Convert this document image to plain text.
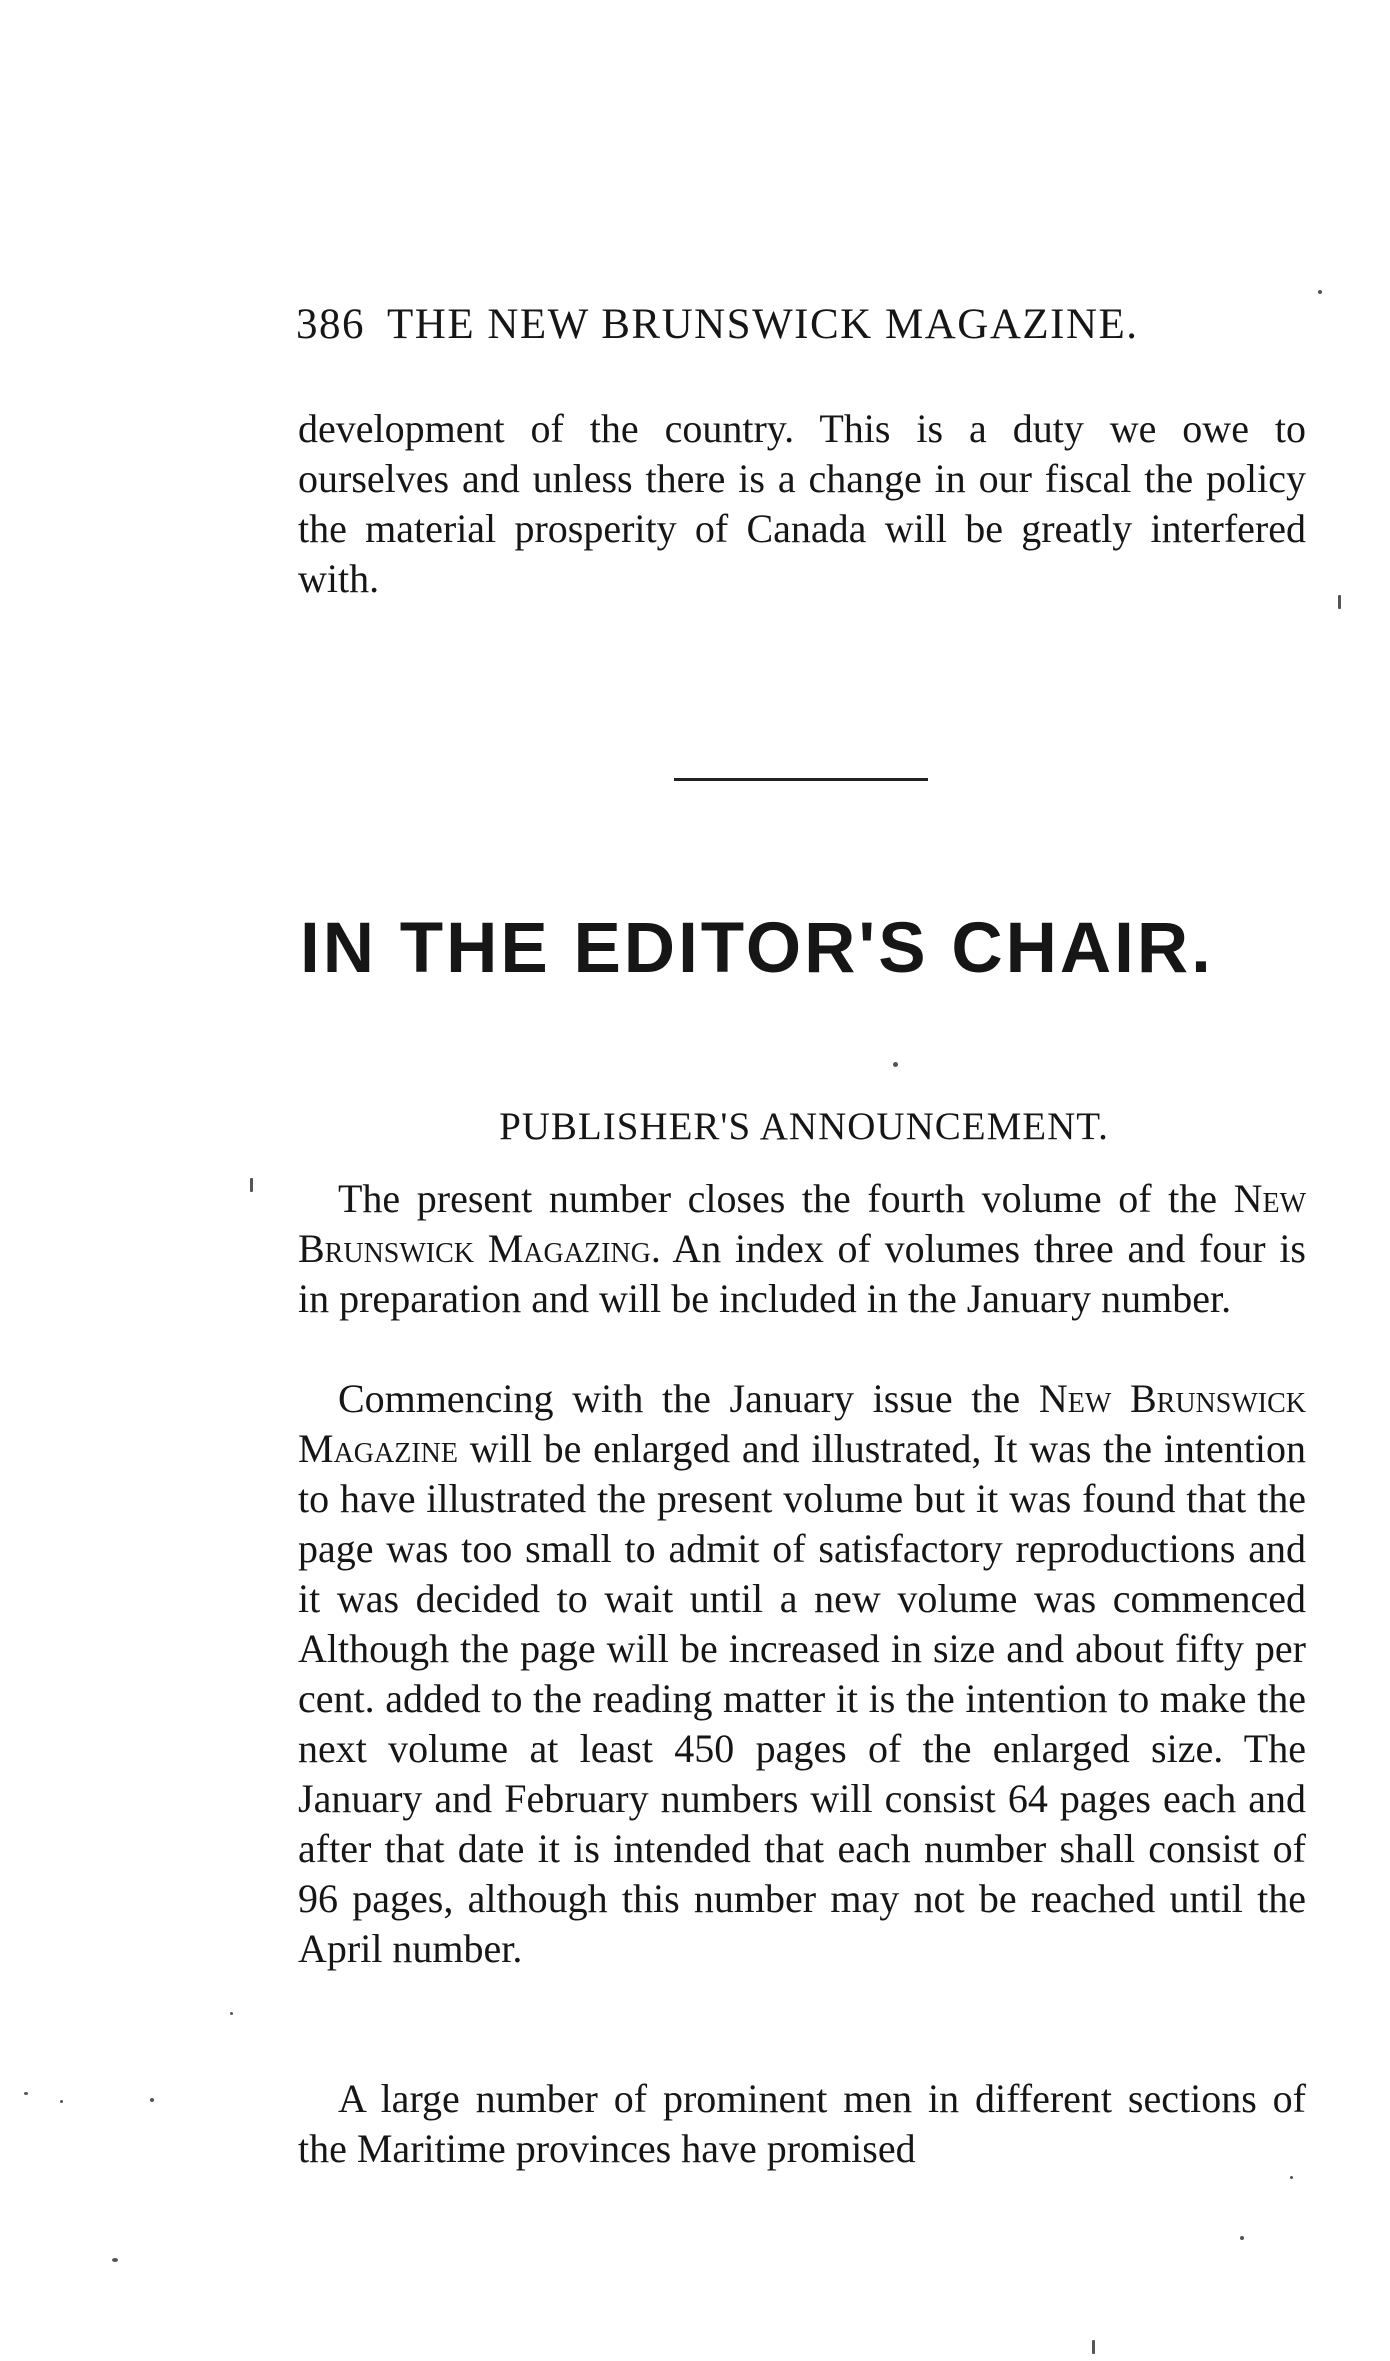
386 THE NEW BRUNSWICK MAGAZINE.

development of the country. This is a duty we owe to ourselves and unless there is a change in our fiscal the policy the material prosperity of Canada will be greatly interfered with.

IN THE EDITOR'S CHAIR.
PUBLISHER'S ANNOUNCEMENT.

The present number closes the fourth volume of the New Brunswick Magazing. An index of volumes three and four is in preparation and will be included in the January number.

Commencing with the January issue the New Brunswick Magazine will be enlarged and illustrated, It was the intention to have illustrated the present volume but it was found that the page was too small to admit of satisfactory reproductions and it was decided to wait until a new volume was commenced Although the page will be increased in size and about fifty per cent. added to the reading matter it is the intention to make the next volume at least 450 pages of the enlarged size. The January and February numbers will consist 64 pages each and after that date it is intended that each number shall consist of 96 pages, although this number may not be reached until the April number.

A large number of prominent men in different sections of the Maritime provinces have promised
